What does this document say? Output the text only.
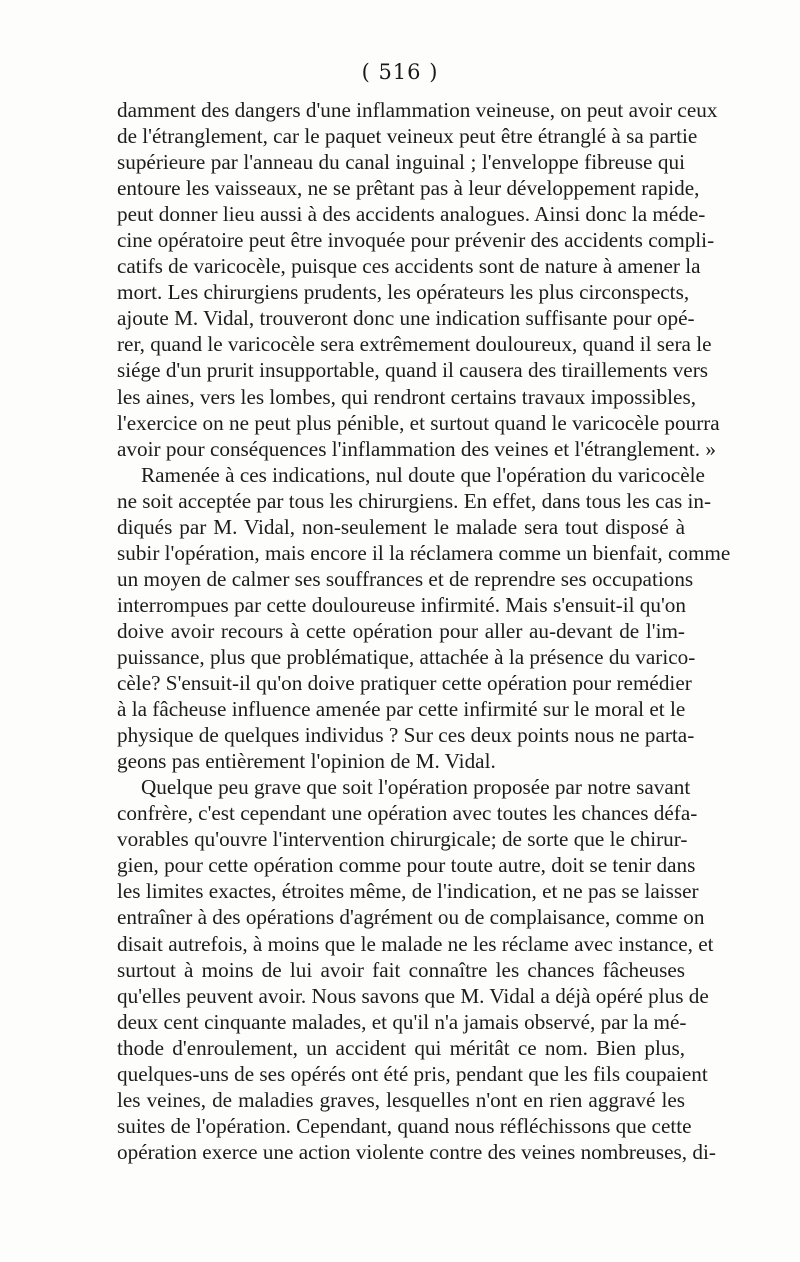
( 516 )
damment des dangers d'une inflammation veineuse, on peut avoir ceux
de l'étranglement, car le paquet veineux peut être étranglé à sa partie
supérieure par l'anneau du canal inguinal ; l'enveloppe fibreuse qui
entoure les vaisseaux, ne se prêtant pas à leur développement rapide,
peut donner lieu aussi à des accidents analogues. Ainsi donc la méde-
cine opératoire peut être invoquée pour prévenir des accidents compli-
catifs de varicocèle, puisque ces accidents sont de nature à amener la
mort. Les chirurgiens prudents, les opérateurs les plus circonspects,
ajoute M. Vidal, trouveront donc une indication suffisante pour opé-
rer, quand le varicocèle sera extrêmement douloureux, quand il sera le
siége d'un prurit insupportable, quand il causera des tiraillements vers
les aines, vers les lombes, qui rendront certains travaux impossibles,
l'exercice on ne peut plus pénible, et surtout quand le varicocèle pourra
avoir pour conséquences l'inflammation des veines et l'étranglement. »
Ramenée à ces indications, nul doute que l'opération du varicocèle
ne soit acceptée par tous les chirurgiens. En effet, dans tous les cas in-
diqués par M. Vidal, non-seulement le malade sera tout disposé à
subir l'opération, mais encore il la réclamera comme un bienfait, comme
un moyen de calmer ses souffrances et de reprendre ses occupations
interrompues par cette douloureuse infirmité. Mais s'ensuit-il qu'on
doive avoir recours à cette opération pour aller au-devant de l'im-
puissance, plus que problématique, attachée à la présence du varico-
cèle? S'ensuit-il qu'on doive pratiquer cette opération pour remédier
à la fâcheuse influence amenée par cette infirmité sur le moral et le
physique de quelques individus ? Sur ces deux points nous ne parta-
geons pas entièrement l'opinion de M. Vidal.
Quelque peu grave que soit l'opération proposée par notre savant
confrère, c'est cependant une opération avec toutes les chances défa-
vorables qu'ouvre l'intervention chirurgicale; de sorte que le chirur-
gien, pour cette opération comme pour toute autre, doit se tenir dans
les limites exactes, étroites même, de l'indication, et ne pas se laisser
entraîner à des opérations d'agrément ou de complaisance, comme on
disait autrefois, à moins que le malade ne les réclame avec instance, et
surtout à moins de lui avoir fait connaître les chances fâcheuses
qu'elles peuvent avoir. Nous savons que M. Vidal a déjà opéré plus de
deux cent cinquante malades, et qu'il n'a jamais observé, par la mé-
thode d'enroulement, un accident qui méritât ce nom. Bien plus,
quelques-uns de ses opérés ont été pris, pendant que les fils coupaient
les veines, de maladies graves, lesquelles n'ont en rien aggravé les
suites de l'opération. Cependant, quand nous réfléchissons que cette
opération exerce une action violente contre des veines nombreuses, di-
